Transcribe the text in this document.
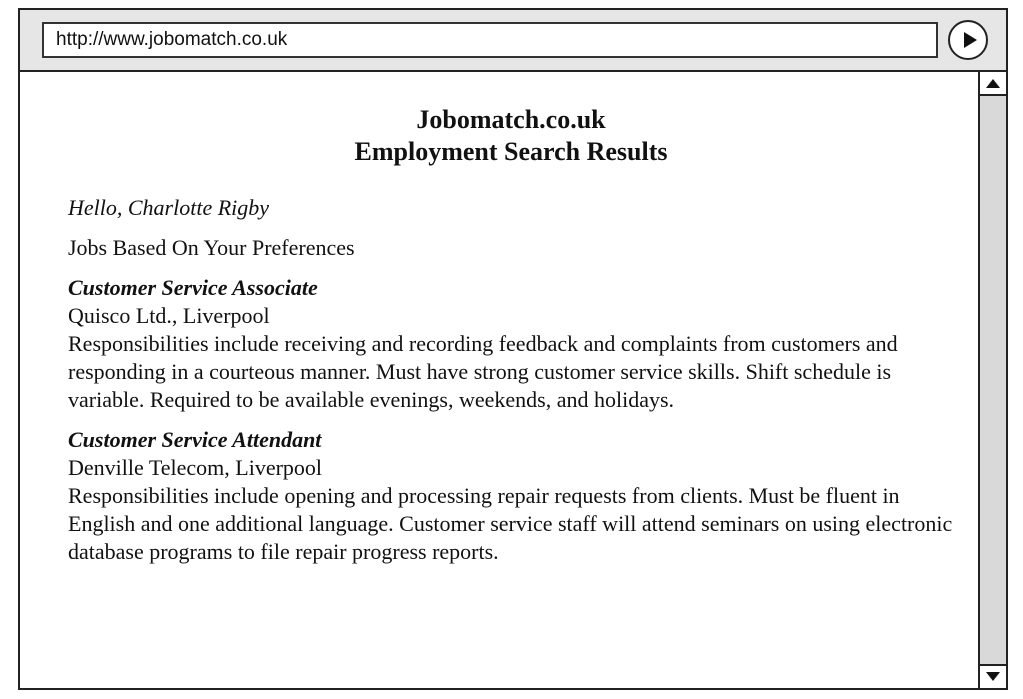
http://www.jobomatch.co.uk
Jobomatch.co.uk
Employment Search Results

Hello, Charlotte Rigby

Jobs Based On Your Preferences

Customer Service Associate
Quisco Ltd., Liverpool
Responsibilities include receiving and recording feedback and complaints from customers and responding in a courteous manner. Must have strong customer service skills. Shift schedule is variable. Required to be available evenings, weekends, and holidays.
Customer Service Attendant
Denville Telecom, Liverpool
Responsibilities include opening and processing repair requests from clients. Must be fluent in English and one additional language. Customer service staff will attend seminars on using electronic database programs to file repair progress reports.
